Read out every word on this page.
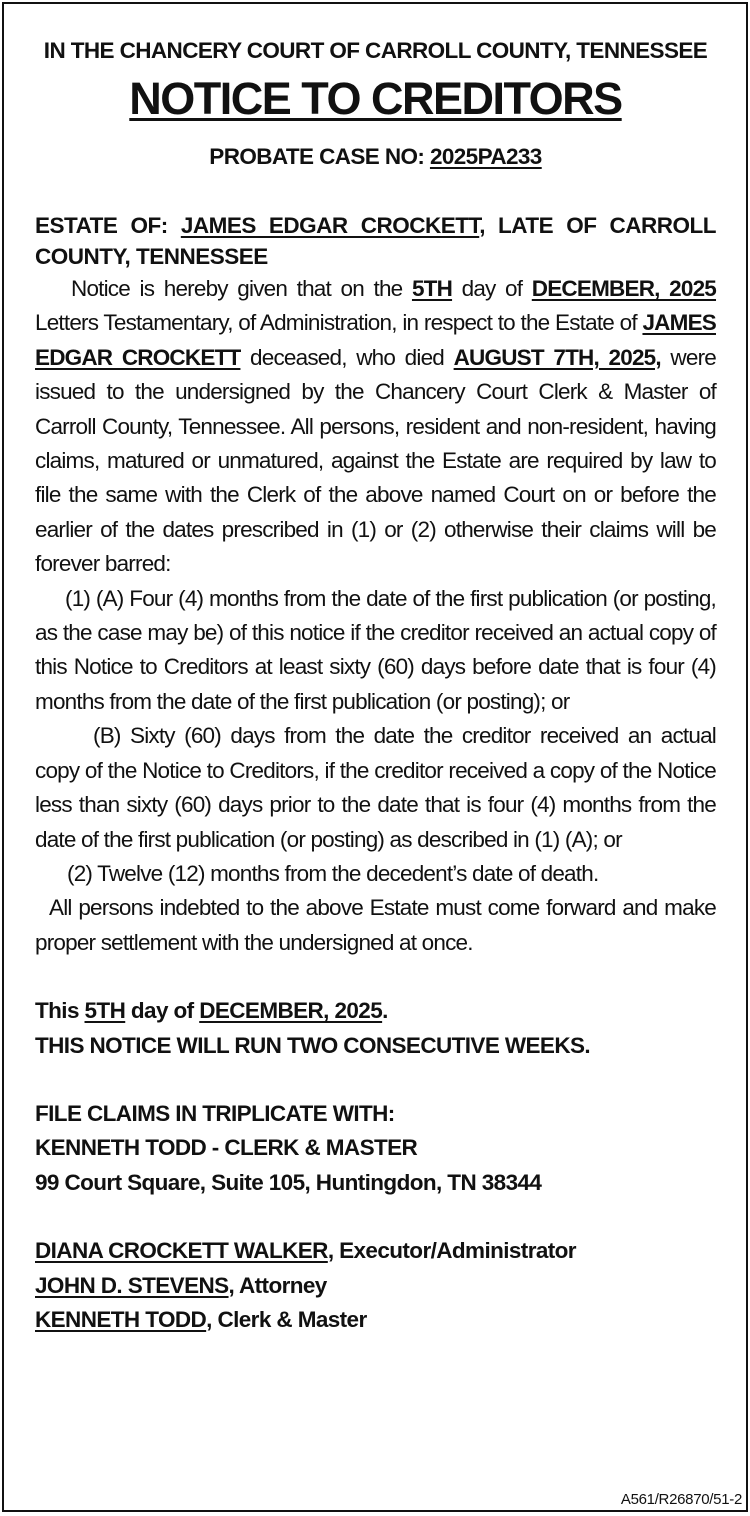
IN THE CHANCERY COURT OF CARROLL COUNTY, TENNESSEE
NOTICE TO CREDITORS
PROBATE CASE NO: 2025PA233
ESTATE OF: JAMES EDGAR CROCKETT, LATE OF CARROLL COUNTY, TENNESSEE

Notice is hereby given that on the 5TH day of DECEMBER, 2025 Letters Testamentary, of Administration, in respect to the Estate of JAMES EDGAR CROCKETT deceased, who died AUGUST 7TH, 2025, were issued to the undersigned by the Chancery Court Clerk & Master of Carroll County, Tennessee. All persons, resident and non-resident, having claims, matured or unmatured, against the Estate are required by law to file the same with the Clerk of the above named Court on or before the earlier of the dates prescribed in (1) or (2) otherwise their claims will be forever barred:

(1) (A) Four (4) months from the date of the first publication (or posting, as the case may be) of this notice if the creditor received an actual copy of this Notice to Creditors at least sixty (60) days before date that is four (4) months from the date of the first publication (or posting); or

(B) Sixty (60) days from the date the creditor received an actual copy of the Notice to Creditors, if the creditor received a copy of the Notice less than sixty (60) days prior to the date that is four (4) months from the date of the first publication (or posting) as described in (1) (A); or

(2) Twelve (12) months from the decedent’s date of death.

All persons indebted to the above Estate must come forward and make proper settlement with the undersigned at once.

This 5TH day of DECEMBER, 2025.
THIS NOTICE WILL RUN TWO CONSECUTIVE WEEKS.
FILE CLAIMS IN TRIPLICATE WITH:
KENNETH TODD - CLERK & MASTER
99 Court Square, Suite 105, Huntingdon, TN 38344
DIANA CROCKETT WALKER, Executor/Administrator
JOHN D. STEVENS, Attorney
KENNETH TODD, Clerk & Master
A561/R26870/51-2
